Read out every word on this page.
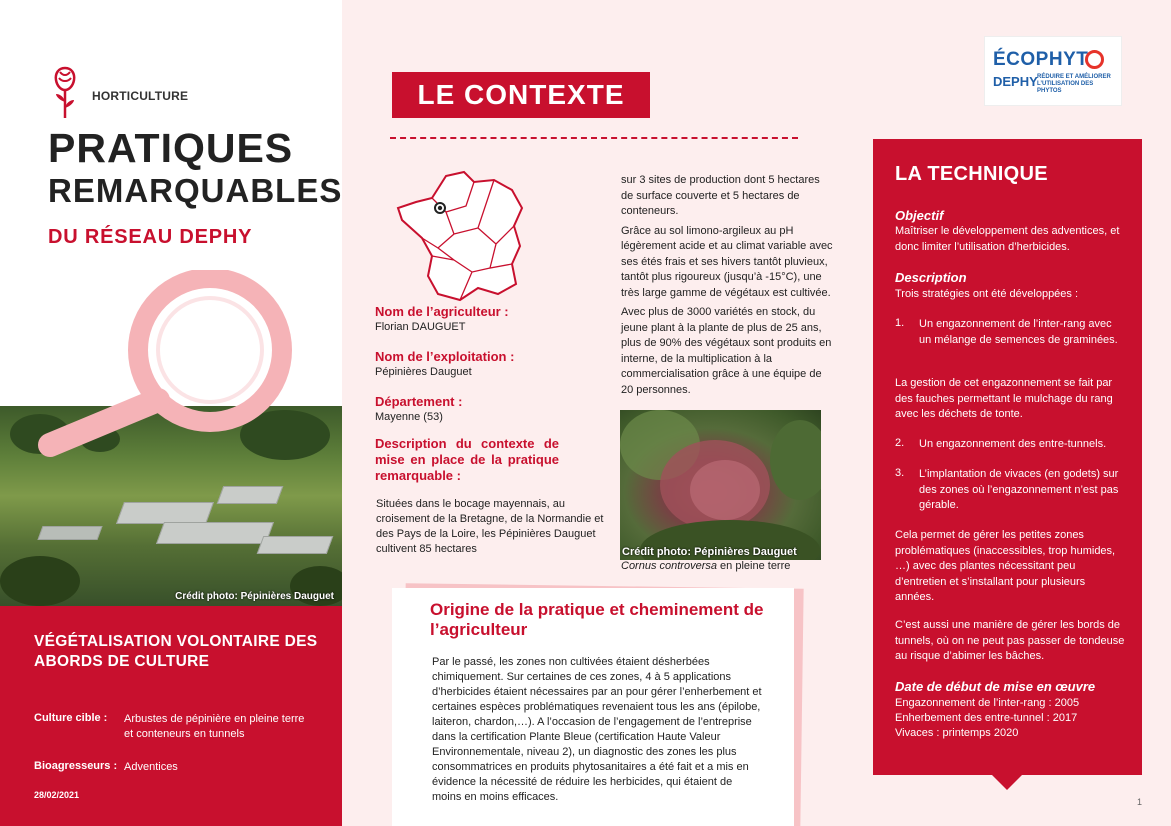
HORTICULTURE
PRATIQUES
REMARQUABLES
DU RÉSEAU DEPHY
Crédit photo: Pépinières Dauguet
VÉGÉTALISATION VOLONTAIRE DES ABORDS DE CULTURE
Culture cible : Arbustes de pépinière en pleine terre et conteneurs en tunnels
Bioagresseurs : Adventices
28/02/2021
LE CONTEXTE
Nom de l’agriculteur :
Florian DAUGUET
Nom de l’exploitation :
Pépinières Dauguet
Département :
Mayenne (53)
Description du contexte de mise en place de la pratique remarquable :
Situées dans le bocage mayennais, au croisement de la Bretagne, de la Normandie et des Pays de la Loire, les Pépinières Dauguet cultivent 85 hectares

sur 3 sites de production dont 5 hectares de surface couverte et 5 hectares de conteneurs.

Grâce au sol limono-argileux au pH légèrement acide et au climat variable avec ses étés frais et ses hivers tantôt pluvieux, tantôt plus rigoureux (jusqu’à -15°C), une très large gamme de végétaux est cultivée.

Avec plus de 3000 variétés en stock, du jeune plant à la plante de plus de 25 ans, plus de 90% des végétaux sont produits en interne, de la multiplication à la commercialisation grâce à une équipe de 20 personnes.

Crédit photo: Pépinières Dauguet
Cornus controversa en pleine terre
Origine de la pratique et cheminement de l’agriculteur
Par le passé, les zones non cultivées étaient désherbées chimiquement. Sur certaines de ces zones, 4 à 5 applications d’herbicides étaient nécessaires par an pour gérer l’enherbement et certaines espèces problématiques revenaient tous les ans (épilobe, laiteron, chardon,…). A l’occasion de l’engagement de l’entreprise dans la certification Plante Bleue (certification Haute Valeur Environnementale, niveau 2), un diagnostic des zones les plus consommatrices en produits phytosanitaires a été fait et a mis en évidence la nécessité de réduire les herbicides, qui étaient de moins en moins efficaces.
ÉCOPHYT
DEPHY RÉDUIRE ET AMÉLIORER L’UTILISATION DES PHYTOS
LA TECHNIQUE
Objectif
Maîtriser le développement des adventices, et donc limiter l’utilisation d’herbicides.
Description
Trois stratégies ont été développées :
1. Un engazonnement de l’inter-rang avec un mélange de semences de graminées.
La gestion de cet engazonnement se fait par des fauches permettant le mulchage du rang avec les déchets de tonte.
2. Un engazonnement des entre-tunnels.
3. L’implantation de vivaces (en godets) sur des zones où l’engazonnement n’est pas gérable.
Cela permet de gérer les petites zones problématiques (inaccessibles, trop humides, …) avec des plantes nécessitant peu d’entretien et s’installant pour plusieurs années.
C’est aussi une manière de gérer les bords de tunnels, où on ne peut pas passer de tondeuse au risque d’abimer les bâches.
Date de début de mise en œuvre
Engazonnement de l’inter-rang : 2005
Enherbement des entre-tunnel : 2017
Vivaces : printemps 2020
1
